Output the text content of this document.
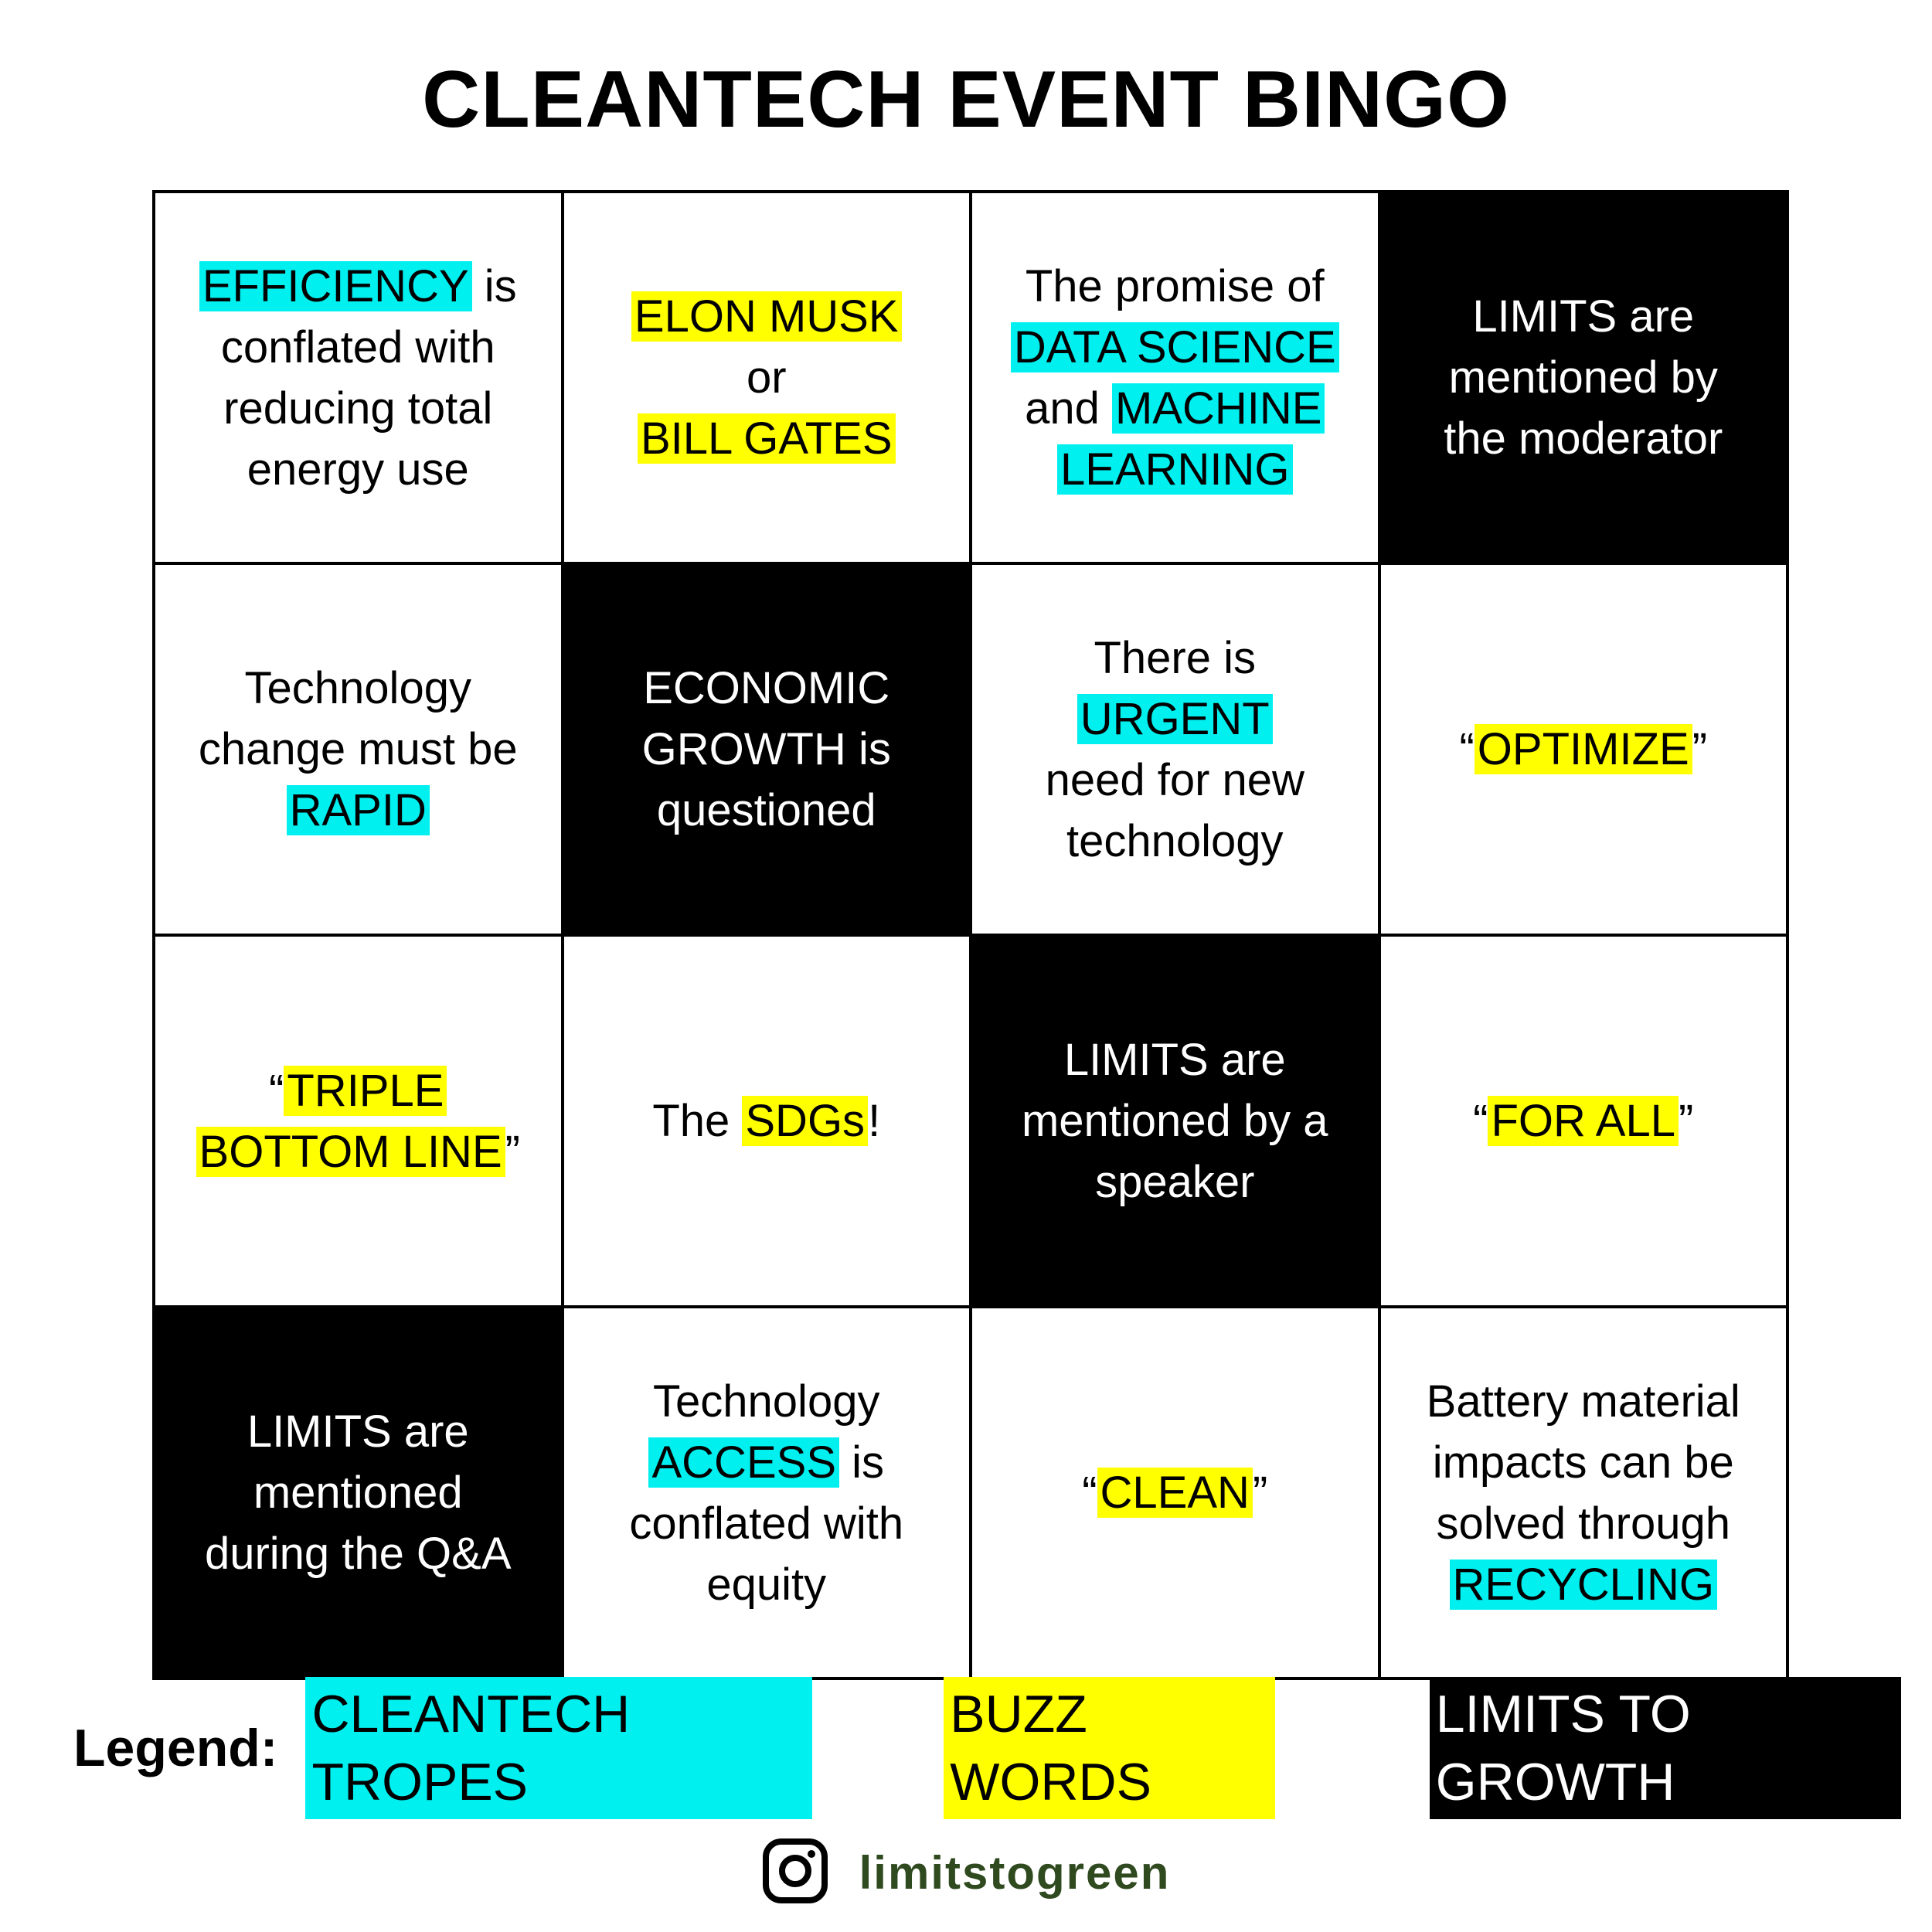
CLEANTECH EVENT BINGO
EFFICIENCY is
conflated with
reducing total
energy use
ELON MUSK
or
BILL GATES
The promise of
DATA SCIENCE
and MACHINE
LEARNING
LIMITS are
mentioned by
the moderator
Technology
change must be
RAPID
ECONOMIC
GROWTH is
questioned
There is URGENT
need for new
technology
“OPTIMIZE”
“TRIPLE
BOTTOM LINE”
The SDGs!
LIMITS are
mentioned by a
speaker
“FOR ALL”
LIMITS are
mentioned
during the Q&A
Technology
ACCESS is
conflated with
equity
“CLEAN”
Battery material
impacts can be
solved through
RECYCLING
Legend:
CLEANTECH TROPES
BUZZ WORDS
LIMITS TO GROWTH
limitstogreen
